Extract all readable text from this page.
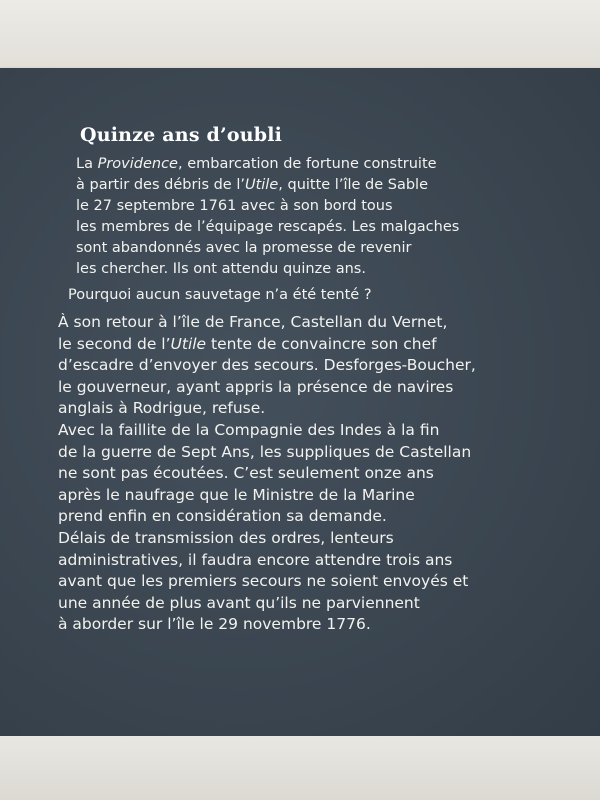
Quinze ans d’oubli

La Providence, embarcation de fortune construite
à partir des débris de l’Utile, quitte l’île de Sable
le 27 septembre 1761 avec à son bord tous
les membres de l’équipage rescapés. Les malgaches
sont abandonnés avec la promesse de revenir
les chercher. Ils ont attendu quinze ans.

Pourquoi aucun sauvetage n’a été tenté ?

À son retour à l’île de France, Castellan du Vernet,
le second de l’Utile tente de convaincre son chef
d’escadre d’envoyer des secours. Desforges-Boucher,
le gouverneur, ayant appris la présence de navires
anglais à Rodrigue, refuse.
Avec la faillite de la Compagnie des Indes à la fin
de la guerre de Sept Ans, les suppliques de Castellan
ne sont pas écoutées. C’est seulement onze ans
après le naufrage que le Ministre de la Marine
prend enfin en considération sa demande.
Délais de transmission des ordres, lenteurs
administratives, il faudra encore attendre trois ans
avant que les premiers secours ne soient envoyés et
une année de plus avant qu’ils ne parviennent
à aborder sur l’île le 29 novembre 1776.
